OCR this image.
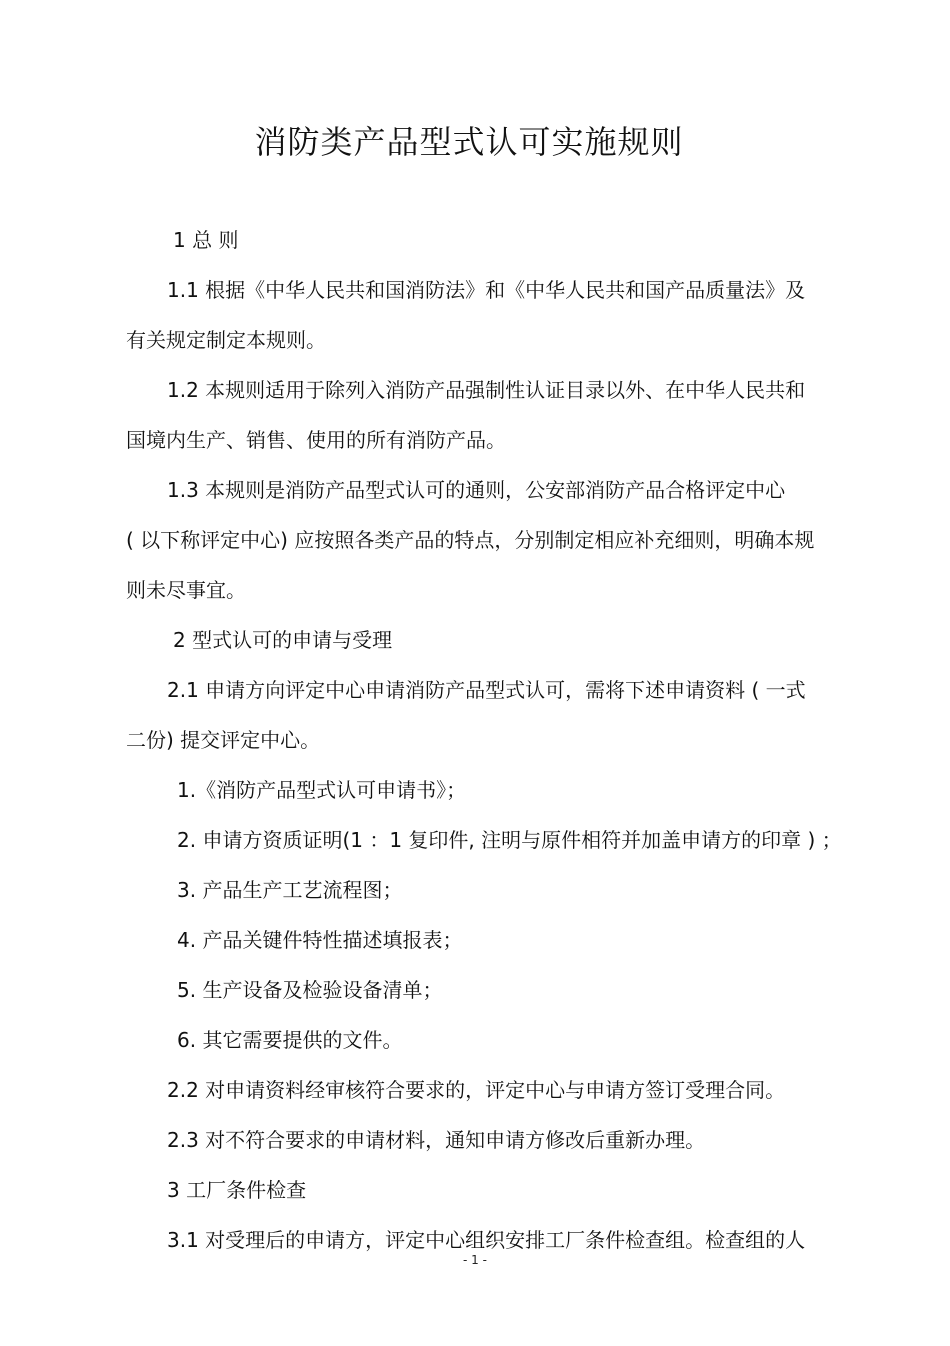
消防类产品型式认可实施规则
1 总 则
1.1 根据《中华人民共和国消防法》和《中华人民共和国产品质量法》及
有关规定制定本规则。
1.2 本规则适用于除列入消防产品强制性认证目录以外、在中华人民共和
国境内生产、销售、使用的所有消防产品。
1.3 本规则是消防产品型式认可的通则，公安部消防产品合格评定中心
( 以下称评定中心) 应按照各类产品的特点，分别制定相应补充细则，明确本规
则未尽事宜。
2 型式认可的申请与受理
2.1 申请方向评定中心申请消防产品型式认可，需将下述申请资料 ( 一式
二份) 提交评定中心。
1.《消防产品型式认可申请书》；
2. 申请方资质证明(1 ：1 复印件, 注明与原件相符并加盖申请方的印章 ) ；
3. 产品生产工艺流程图；
4. 产品关键件特性描述填报表；
5. 生产设备及检验设备清单；
6. 其它需要提供的文件。
2.2 对申请资料经审核符合要求的，评定中心与申请方签订受理合同。
2.3 对不符合要求的申请材料，通知申请方修改后重新办理。
3 工厂条件检查
3.1 对受理后的申请方，评定中心组织安排工厂条件检查组。检查组的人
- 1 -
